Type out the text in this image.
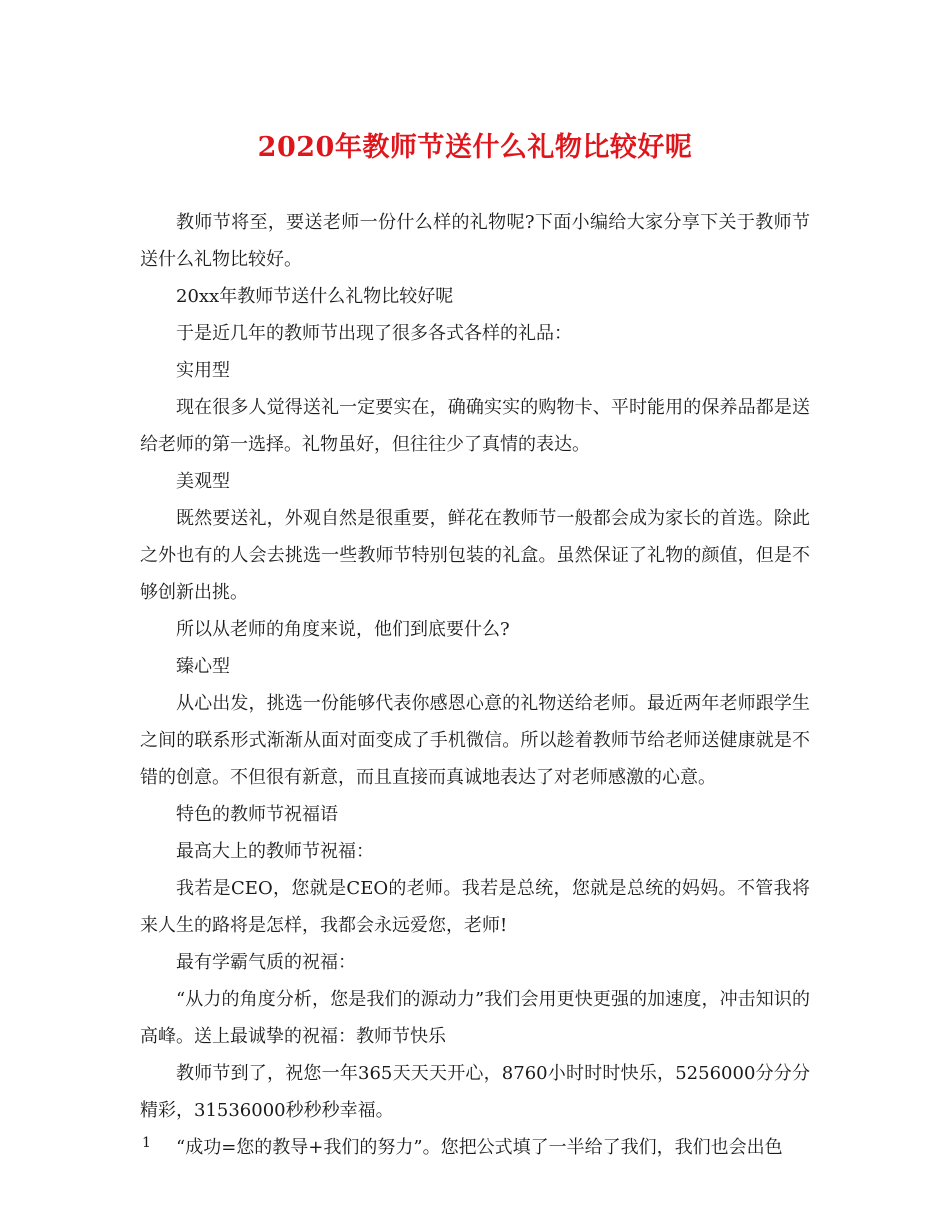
2020年教师节送什么礼物比较好呢

教师节将至，要送老师一份什么样的礼物呢?下面小编给大家分享下关于教师节送什么礼物比较好。

20xx年教师节送什么礼物比较好呢

于是近几年的教师节出现了很多各式各样的礼品：

实用型

现在很多人觉得送礼一定要实在，确确实实的购物卡、平时能用的保养品都是送给老师的第一选择。礼物虽好，但往往少了真情的表达。

美观型

既然要送礼，外观自然是很重要，鲜花在教师节一般都会成为家长的首选。除此之外也有的人会去挑选一些教师节特别包装的礼盒。虽然保证了礼物的颜值，但是不够创新出挑。

所以从老师的角度来说，他们到底要什么?

臻心型

从心出发，挑选一份能够代表你感恩心意的礼物送给老师。最近两年老师跟学生之间的联系形式渐渐从面对面变成了手机微信。所以趁着教师节给老师送健康就是不错的创意。不但很有新意，而且直接而真诚地表达了对老师感激的心意。

特色的教师节祝福语

最高大上的教师节祝福：

我若是CEO，您就是CEO的老师。我若是总统，您就是总统的妈妈。不管我将来人生的路将是怎样，我都会永远爱您，老师!

最有学霸气质的祝福：

“从力的角度分析，您是我们的源动力”我们会用更快更强的加速度，冲击知识的高峰。送上最诚挚的祝福：教师节快乐

教师节到了，祝您一年365天天天开心，8760小时时时快乐，5256000分分分精彩，31536000秒秒秒幸福。

“成功=您的教导+我们的努力”。您把公式填了一半给了我们，我们也会出色

1
